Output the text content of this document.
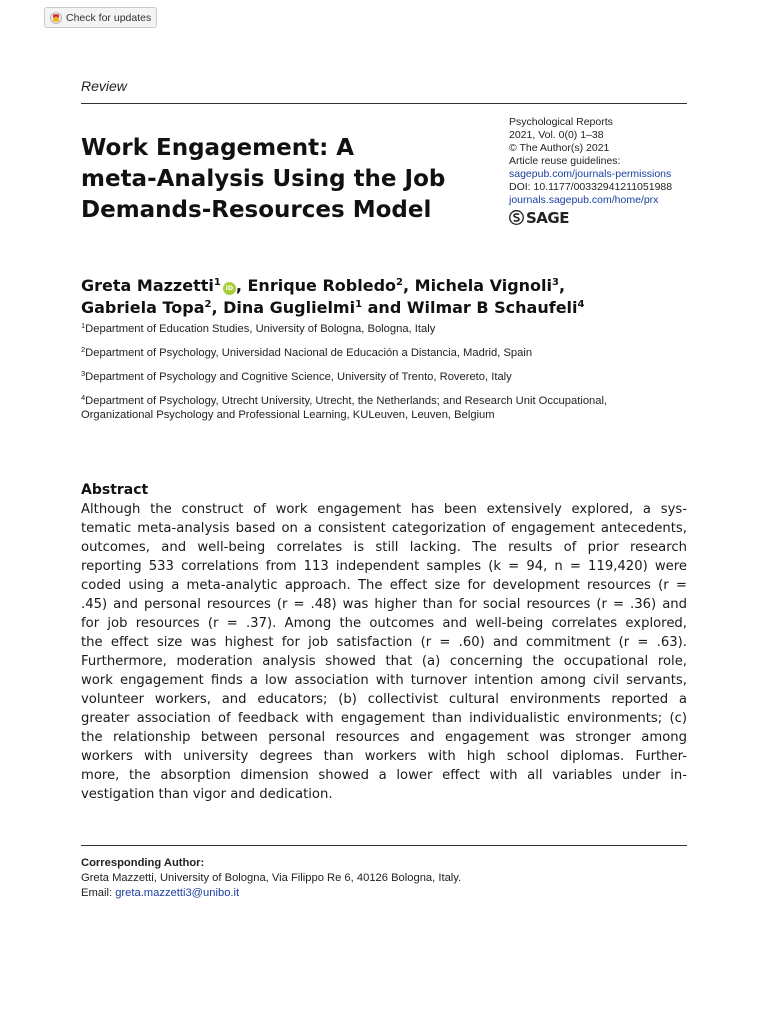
Check for updates
Review
Work Engagement: A
meta-Analysis Using the Job
Demands-Resources Model
Psychological Reports
2021, Vol. 0(0) 1–38
© The Author(s) 2021
Article reuse guidelines:
sagepub.com/journals-permissions
DOI: 10.1177/00332941211051988
journals.sagepub.com/home/prx
SAGE
Greta Mazzetti$^1$ iD , Enrique Robledo$^2$, Michela Vignoli$^3$,
Gabriela Topa$^2$, Dina Guglielmi$^1$ and Wilmar B Schaufeli$^4$
$^1$Department of Education Studies, University of Bologna, Bologna, Italy
$^2$Department of Psychology, Universidad Nacional de Educación a Distancia, Madrid, Spain
$^3$Department of Psychology and Cognitive Science, University of Trento, Rovereto, Italy
$^4$Department of Psychology, Utrecht University, Utrecht, the Netherlands; and Research Unit Occupational,
Organizational Psychology and Professional Learning, KULeuven, Leuven, Belgium
Abstract
Although the construct of work engagement has been extensively explored, a sys-
tematic meta-analysis based on a consistent categorization of engagement antecedents,
outcomes, and well-being correlates is still lacking. The results of prior research
reporting 533 correlations from 113 independent samples (k = 94, n = 119,420) were
coded using a meta-analytic approach. The effect size for development resources (r =
.45) and personal resources (r = .48) was higher than for social resources (r = .36) and
for job resources (r = .37). Among the outcomes and well-being correlates explored,
the effect size was highest for job satisfaction (r = .60) and commitment (r = .63).
Furthermore, moderation analysis showed that (a) concerning the occupational role,
work engagement finds a low association with turnover intention among civil servants,
volunteer workers, and educators; (b) collectivist cultural environments reported a
greater association of feedback with engagement than individualistic environments; (c)
the relationship between personal resources and engagement was stronger among
workers with university degrees than workers with high school diplomas. Further-
more, the absorption dimension showed a lower effect with all variables under in-
vestigation than vigor and dedication.
Corresponding Author:
Greta Mazzetti, University of Bologna, Via Filippo Re 6, 40126 Bologna, Italy.
Email: greta.mazzetti3@unibo.it
